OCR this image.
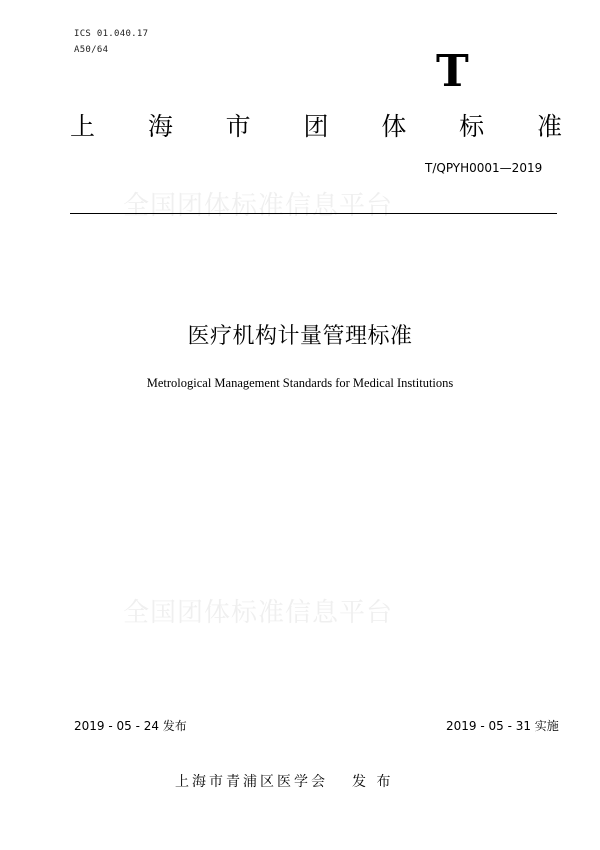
ICS 01.040.17
A50/64	T
上 海 市 团 体 标 准
T/QPYH0001—2019
全国团体标准信息平台
医疗机构计量管理标准
Metrological Management Standards for Medical Institutions
全国团体标准信息平台
2019 - 05 - 24 发布	2019 - 05 - 31 实施
上海市青浦区医学会 发 布
